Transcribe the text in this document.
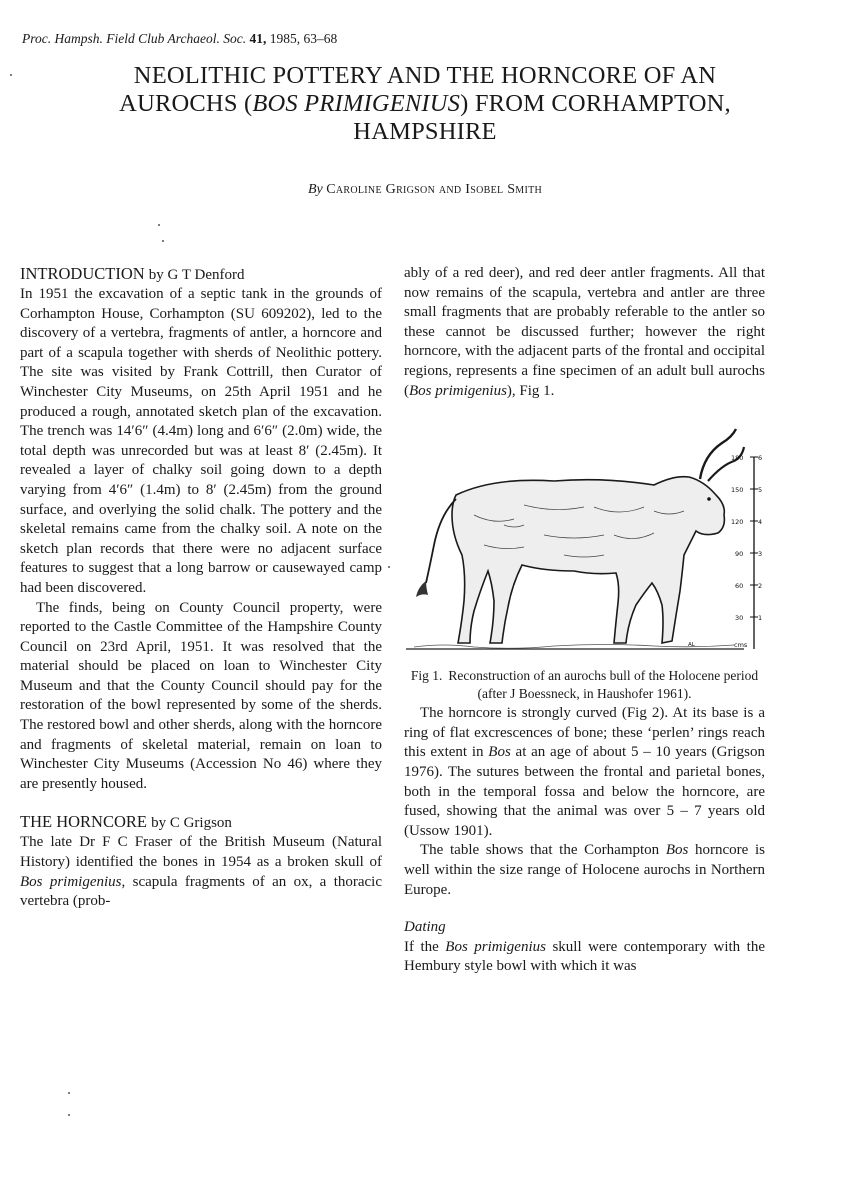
Proc. Hampsh. Field Club Archaeol. Soc. 41, 1985, 63–68
NEOLITHIC POTTERY AND THE HORNCORE OF AN
AUROCHS (BOS PRIMIGENIUS) FROM CORHAMPTON,
HAMPSHIRE
By Caroline Grigson and Isobel Smith
INTRODUCTION by G T Denford

In 1951 the excavation of a septic tank in the grounds of Corhampton House, Corhampton (SU 609202), led to the discovery of a vertebra, fragments of antler, a horncore and part of a scapula together with sherds of Neolithic pottery. The site was visited by Frank Cottrill, then Curator of Winchester City Museums, on 25th April 1951 and he produced a rough, annotated sketch plan of the excavation. The trench was 14′6″ (4.4m) long and 6′6″ (2.0m) wide, the total depth was unrecorded but was at least 8′ (2.45m). It revealed a layer of chalky soil going down to a depth varying from 4′6″ (1.4m) to 8′ (2.45m) from the ground surface, and overlying the solid chalk. The pottery and the skeletal remains came from the chalky soil. A note on the sketch plan records that there were no adjacent surface features to suggest that a long barrow or causewayed camp had been discovered.

The finds, being on County Council property, were reported to the Castle Committee of the Hampshire County Council on 23rd April, 1951. It was resolved that the material should be placed on loan to Winchester City Museum and that the County Council should pay for the restoration of the bowl represented by some of the sherds. The restored bowl and other sherds, along with the horncore and fragments of skeletal material, remain on loan to Winchester City Museums (Accession No 46) where they are presently housed.

THE HORNCORE by C Grigson

The late Dr F C Fraser of the British Museum (Natural History) identified the bones in 1954 as a broken skull of Bos primigenius, scapula fragments of an ox, a thoracic vertebra (prob-

ably of a red deer), and red deer antler fragments. All that now remains of the scapula, vertebra and antler are three small fragments that are probably referable to the antler so these cannot be discussed further; however the right horncore, with the adjacent parts of the frontal and occipital regions, represents a fine specimen of an adult bull aurochs (Bos primigenius), Fig 1.

180 6
150 5
120 4
90 3
60 2
30 1
cms
AL
Fig 1. Reconstruction of an aurochs bull of the Holocene period (after J Boessneck, in Haushofer 1961).

The horncore is strongly curved (Fig 2). At its base is a ring of flat excrescences of bone; these ‘perlen’ rings reach this extent in Bos at an age of about 5 – 10 years (Grigson 1976). The sutures between the frontal and parietal bones, both in the temporal fossa and below the horncore, are fused, showing that the animal was over 5 – 7 years old (Ussow 1901).

The table shows that the Corhampton Bos horncore is well within the size range of Holocene aurochs in Northern Europe.

Dating

If the Bos primigenius skull were contemporary with the Hembury style bowl with which it was
